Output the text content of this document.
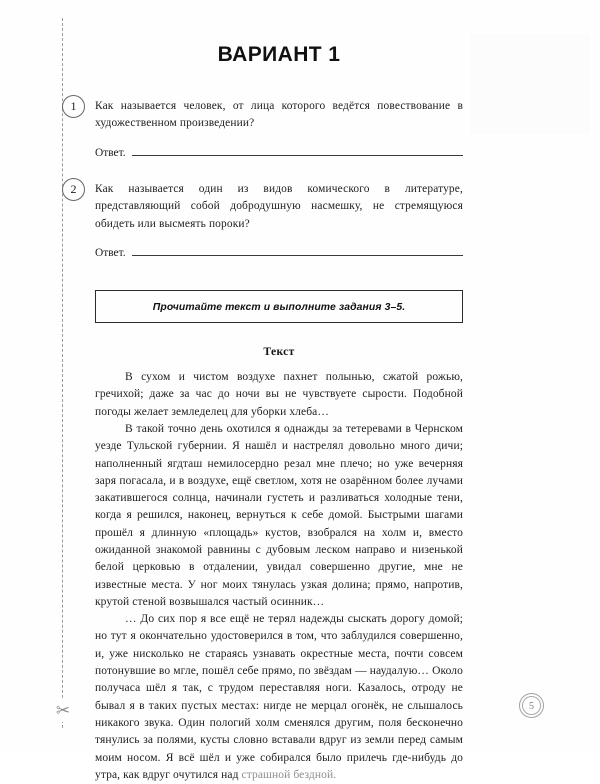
✂
ВАРИАНТ 1
1	Как называется человек, от лица которого ведётся повествование в художественном произведении?

Ответ.
2	Как называется один из видов комического в литературе, представляющий собой добродушную насмешку, не стремящуюся обидеть или высмеять пороки?

Ответ.
Прочитайте текст и выполните задания 3–5.
Текст

В сухом и чистом воздухе пахнет полынью, сжатой рожью, гречихой; даже за час до ночи вы не чувствуете сырости. Подобной погоды желает земледелец для уборки хлеба…

В такой точно день охотился я однажды за тетеревами в Чернском уезде Тульской губернии. Я нашёл и настрелял довольно много дичи; наполненный ягдташ немилосердно резал мне плечо; но уже вечерняя заря погасала, и в воздухе, ещё светлом, хотя не озарённом более лучами закатившегося солнца, начинали густеть и разливаться холодные тени, когда я решился, наконец, вернуться к себе домой. Быстрыми шагами прошёл я длинную «площадь» кустов, взобрался на холм и, вместо ожиданной знакомой равнины с дубовым леском направо и низенькой белой церковью в отдалении, увидал совершенно другие, мне не известные места. У ног моих тянулась узкая долина; прямо, напротив, крутой стеной возвышался частый осинник…

… До сих пор я все ещё не терял надежды сыскать дорогу домой; но тут я окончательно удостоверился в том, что заблудился совершенно, и, уже нисколько не стараясь узнавать окрестные места, почти совсем потонувшие во мгле, пошёл себе прямо, по звёздам — наудалую… Около получаса шёл я так, с трудом переставляя ноги. Казалось, отроду не бывал я в таких пустых местах: нигде не мерцал огонёк, не слышалось никакого звука. Один пологий холм сменялся другим, поля бесконечно тянулись за полями, кусты словно вставали вдруг из земли перед самым моим носом. Я всё шёл и уже собирался было прилечь где-нибудь до утра, как вдруг очутился над страшной бездной.

5
